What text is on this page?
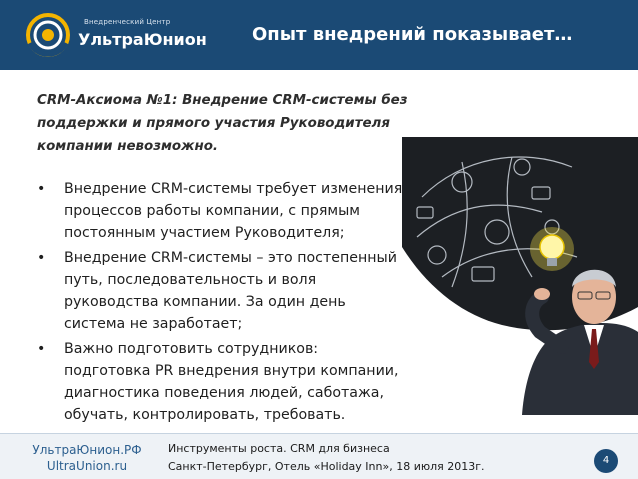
Внедренческий Центр
УльтраЮнион	Опыт внедрений показывает…
CRM-Аксиома №1: Внедрение CRM-системы без поддержки и прямого участия Руководителя компании невозможно.
• Внедрение CRM-системы требует изменения процессов работы компании, с прямым постоянным участием Руководителя;
• Внедрение CRM-системы – это постепенный путь, последовательность и воля руководства компании. За один день система не заработает;
• Важно подготовить сотрудников: подготовка PR внедрения внутри компании, диагностика поведения людей, саботажа, обучать, контролировать, требовать.
УльтраЮнион.РФ
UltraUnion.ru
Инструменты роста. CRM для бизнеса
Санкт-Петербург, Отель «Holiday Inn», 18 июля 2013г.	4
